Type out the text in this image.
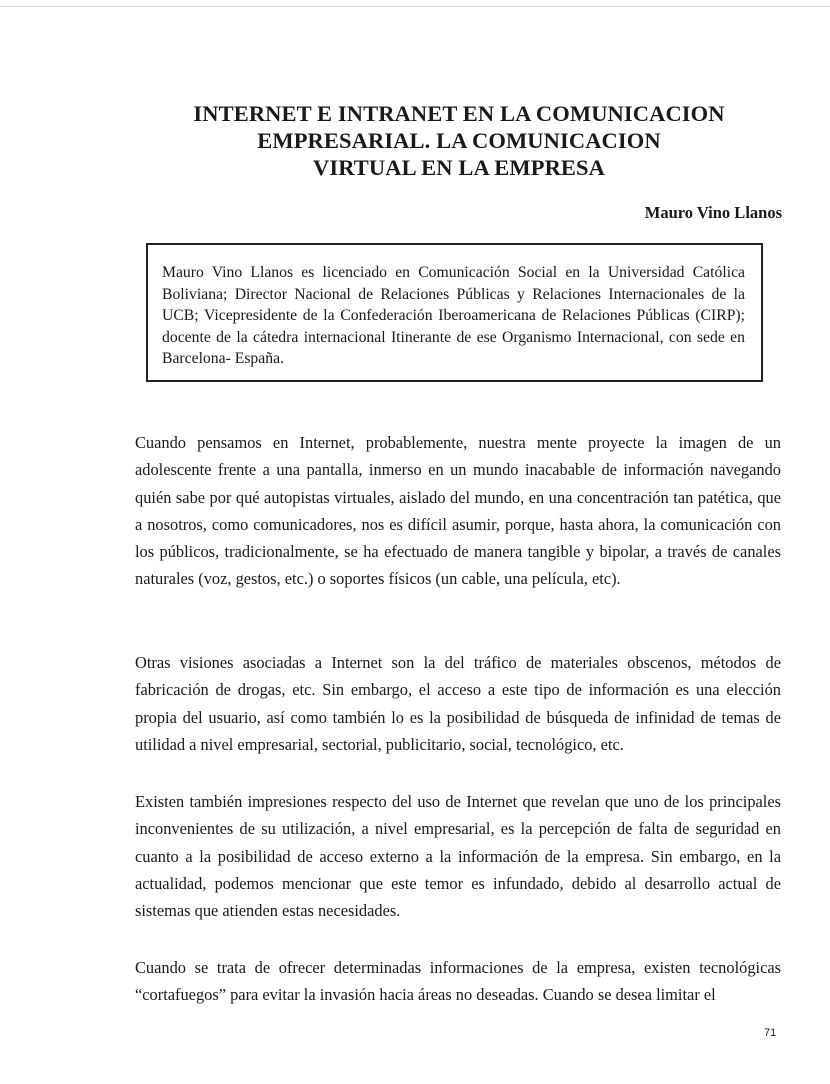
INTERNET E INTRANET EN LA COMUNICACION
EMPRESARIAL. LA COMUNICACION
VIRTUAL EN LA EMPRESA

Mauro Vino Llanos

Mauro Vino Llanos es licenciado en Comunicación Social en la Universidad Católica Boliviana; Director Nacional de Relaciones Públicas y Relaciones Internacionales de la UCB; Vicepresidente de la Confederación Iberoamericana de Relaciones Públicas (CIRP); docente de la cátedra internacional Itinerante de ese Organismo Internacional, con sede en Barcelona- España.

Cuando pensamos en Internet, probablemente, nuestra mente proyecte la imagen de un adolescente frente a una pantalla, inmerso en un mundo inacabable de información navegando quién sabe por qué autopistas virtuales, aislado del mundo, en una concentración tan patética, que a nosotros, como comunicadores, nos es difícil asumir, porque, hasta ahora, la comunicación con los públicos, tradicionalmente, se ha efectuado de manera tangible y bipolar, a través de canales naturales (voz, gestos, etc.) o soportes físicos (un cable, una película, etc).

Otras visiones asociadas a Internet son la del tráfico de materiales obscenos, métodos de fabricación de drogas, etc. Sin embargo, el acceso a este tipo de información es una elección propia del usuario, así como también lo es la posibilidad de búsqueda de infinidad de temas de utilidad a nivel empresarial, sectorial, publicitario, social, tecnológico, etc.

Existen también impresiones respecto del uso de Internet que revelan que uno de los principales inconvenientes de su utilización, a nivel empresarial, es la percepción de falta de seguridad en cuanto a la posibilidad de acceso externo a la información de la empresa. Sin embargo, en la actualidad, podemos mencionar que este temor es infundado, debido al desarrollo actual de sistemas que atienden estas necesidades.

Cuando se trata de ofrecer determinadas informaciones de la empresa, existen tecnológicas “cortafuegos” para evitar la invasión hacia áreas no deseadas. Cuando se desea limitar el

71
